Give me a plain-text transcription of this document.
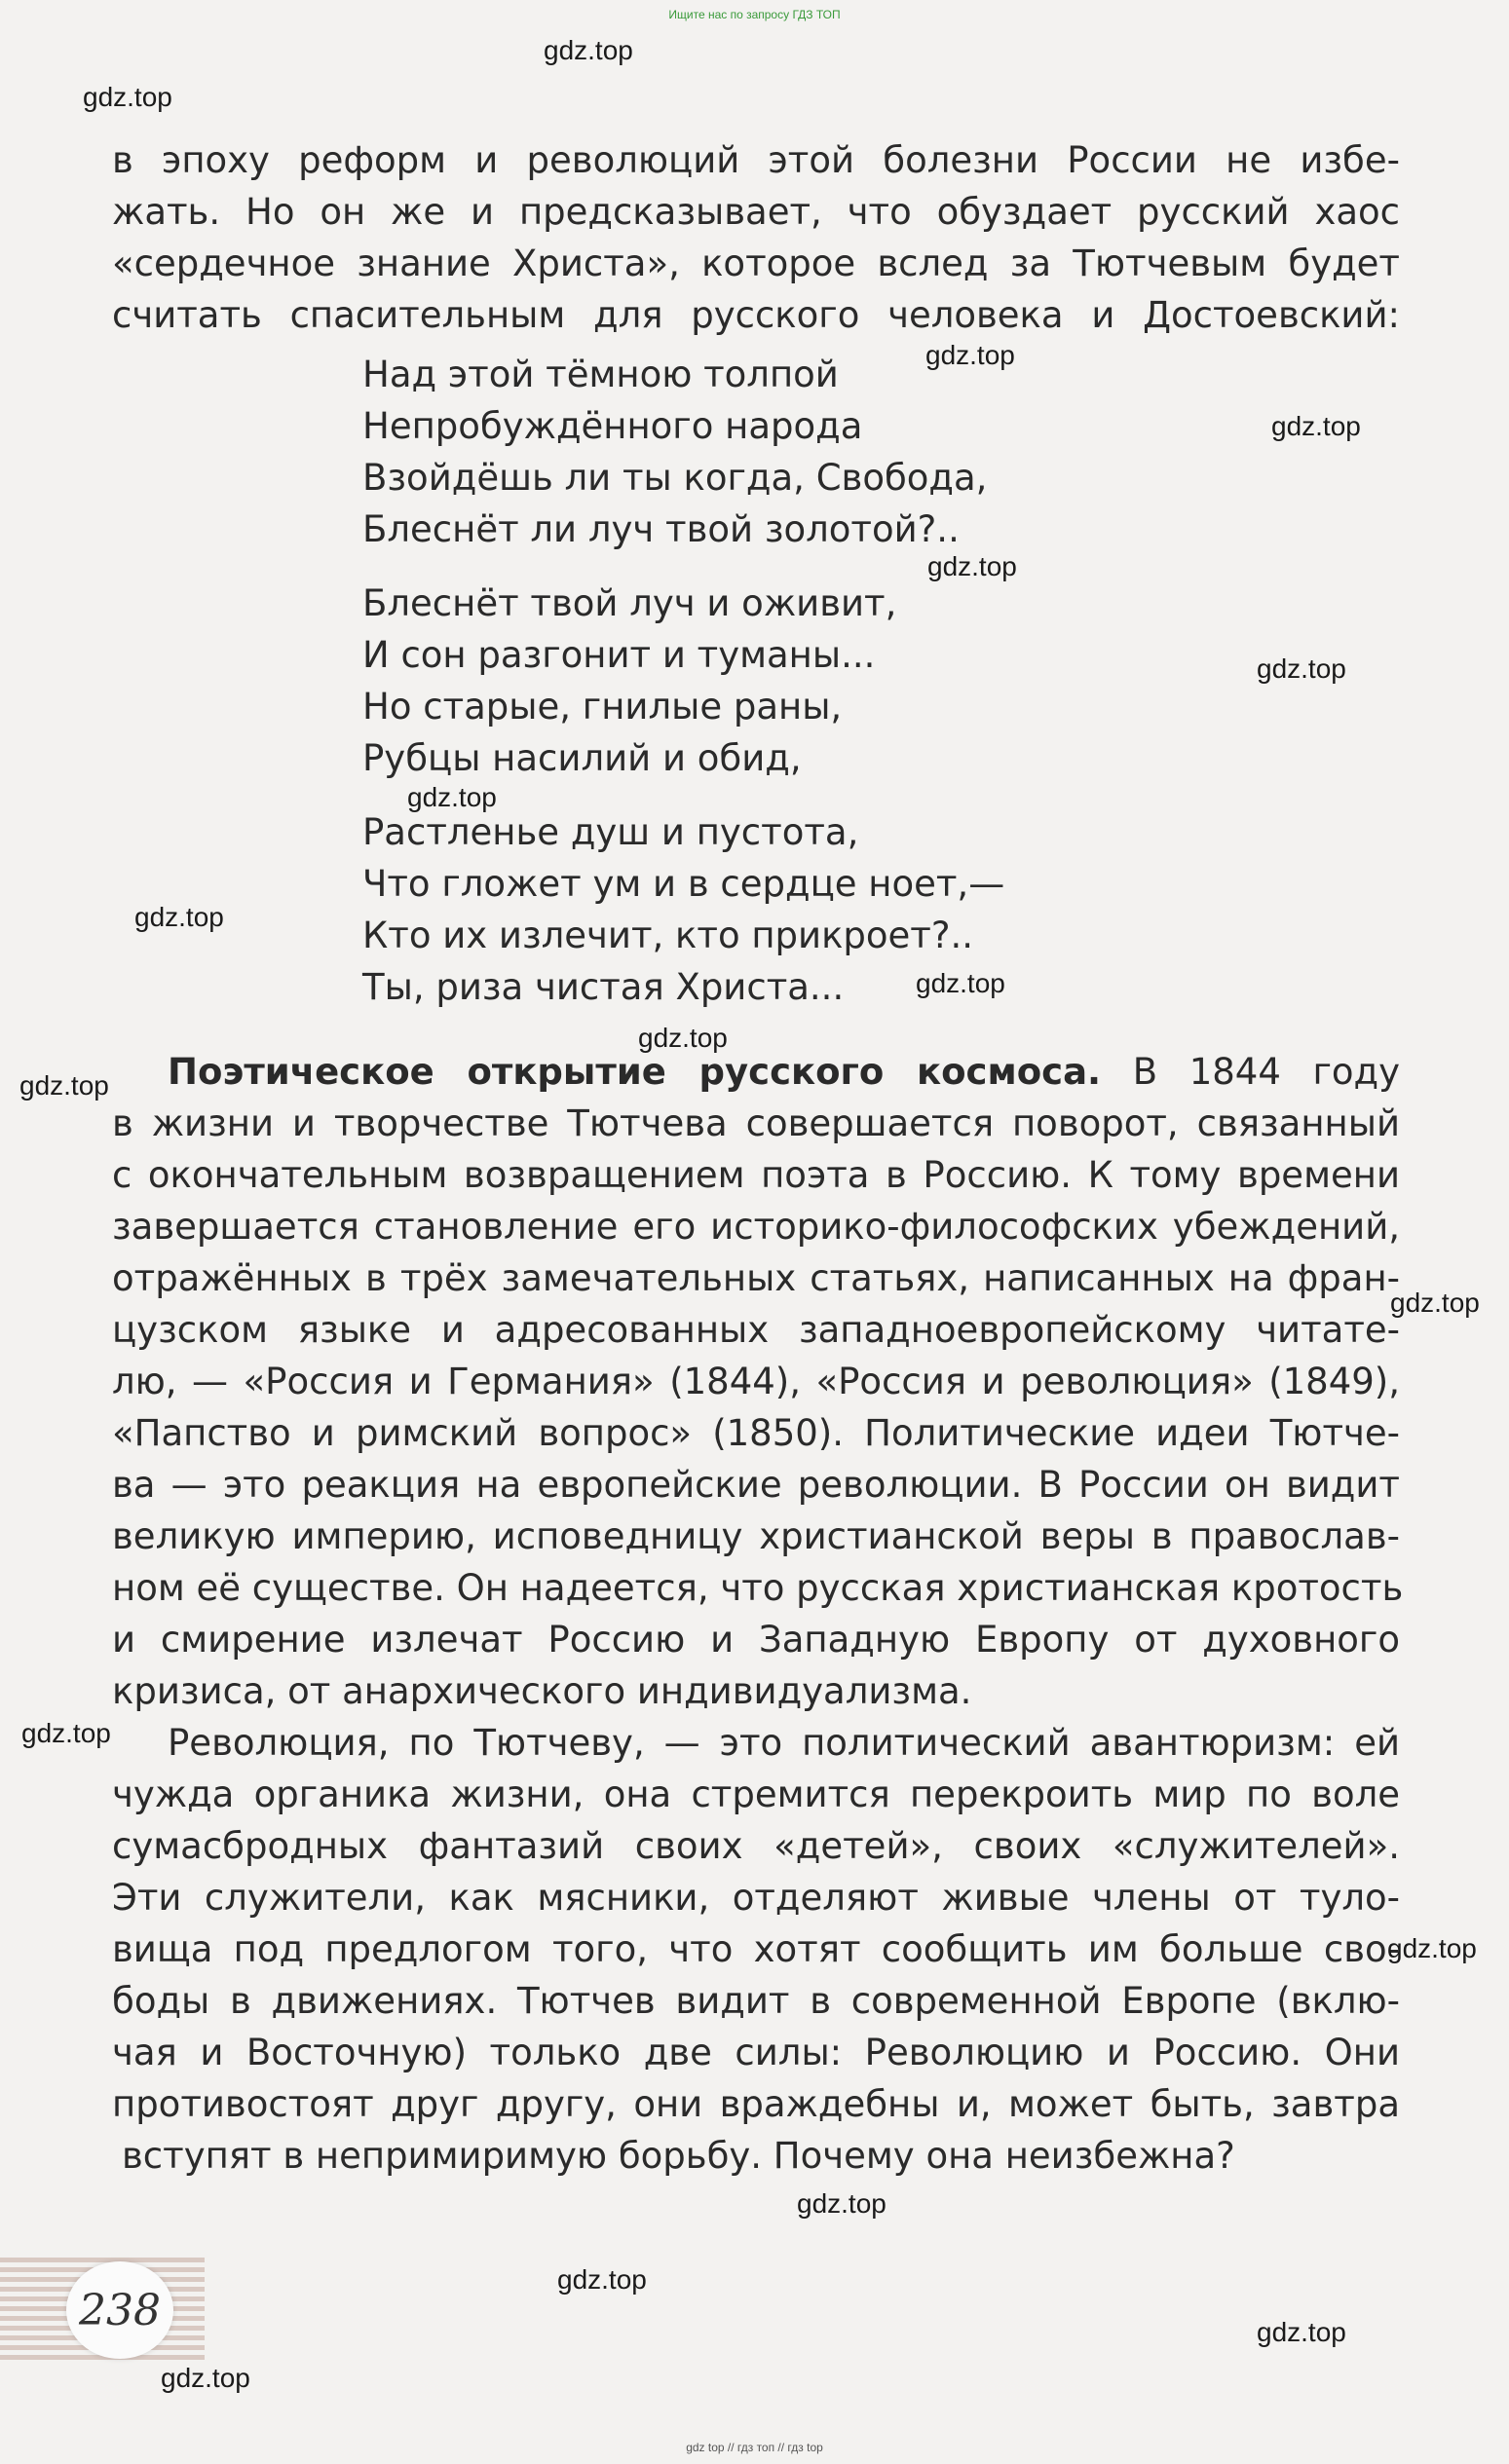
Ищите нас по запросу ГДЗ ТОП
в эпоху реформ и революций этой болезни России не избе-
жать. Но он же и предсказывает, что обуздает русский хаос
«сердечное знание Христа», которое вслед за Тютчевым будет
считать спасительным для русского человека и Достоевский:
Над этой тёмною толпой
Непробуждённого народа
Взойдёшь ли ты когда, Свобода,
Блеснёт ли луч твой золотой?..
Блеснёт твой луч и оживит,
И сон разгонит и туманы...
Но старые, гнилые раны,
Рубцы насилий и обид,
Растленье душ и пустота,
Что гложет ум и в сердце ноет,—
Кто их излечит, кто прикроет?..
Ты, риза чистая Христа...
Поэтическое открытие русского космоса. В 1844 году
в жизни и творчестве Тютчева совершается поворот, связанный
с окончательным возвращением поэта в Россию. К тому времени
завершается становление его историко-философских убеждений,
отражённых в трёх замечательных статьях, написанных на фран-
цузском языке и адресованных западноевропейскому читате-
лю, — «Россия и Германия» (1844), «Россия и революция» (1849),
«Папство и римский вопрос» (1850). Политические идеи Тютче-
ва — это реакция на европейские революции. В России он видит
великую империю, исповедницу христианской веры в православ-
ном её существе. Он надеется, что русская христианская кротость
и смирение излечат Россию и Западную Европу от духовного
кризиса, от анархического индивидуализма.
Революция, по Тютчеву, — это политический авантюризм: ей
чужда органика жизни, она стремится перекроить мир по воле
сумасбродных фантазий своих «детей», своих «служителей».
Эти служители, как мясники, отделяют живые члены от туло-
вища под предлогом того, что хотят сообщить им больше сво-
боды в движениях. Тютчев видит в современной Европе (вклю-
чая и Восточную) только две силы: Революцию и Россию. Они
противостоят друг другу, они враждебны и, может быть, завтра
вступят в непримиримую борьбу. Почему она неизбежна?
238
gdz.top
gdz.top
gdz.top
gdz.top
gdz.top
gdz.top
gdz.top
gdz.top
gdz.top
gdz.top
gdz.top
gdz.top
gdz.top
gdz.top
gdz.top
gdz.top
gdz.top
gdz.top
gdz top // гдз топ // гдз top
